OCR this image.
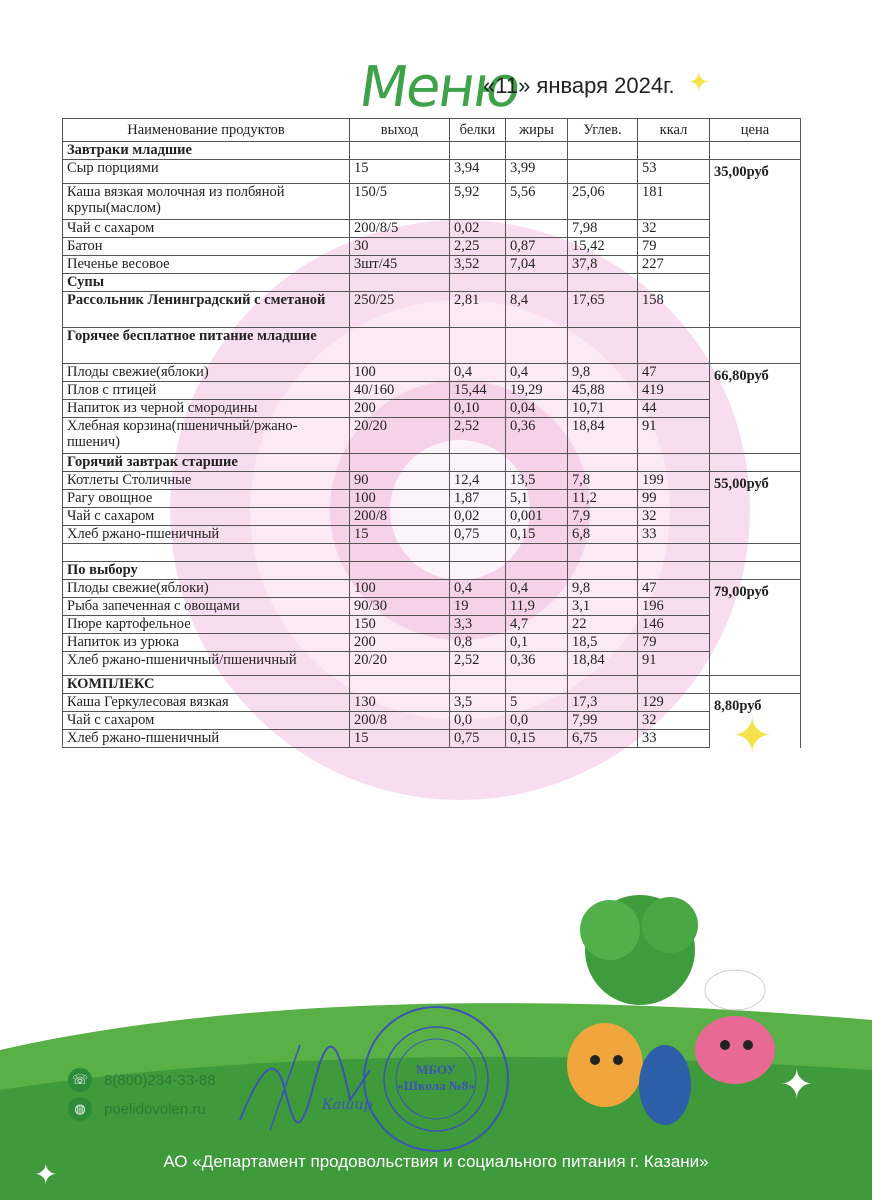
Меню
«11» января 2024г. ✦
Наименование продуктов	выход	белки	жиры	Углев.	ккал	цена	
Завтраки младшие							
Сыр порциями	15	3,94	3,99		53	35,00руб	
Каша вязкая молочная из полбяной крупы(маслом)	150/5	5,92	5,56	25,06	181		
Чай с сахаром	200/8/5	0,02		7,98	32		
Батон	30	2,25	0,87	15,42	79		
Печенье весовое	3шт/45	3,52	7,04	37,8	227		
Супы						
Рассольник Ленинградский с сметаной	250/25	2,81	8,4	17,65	158		
Горячее бесплатное питание младшие							
Плоды свежие(яблоки)	100	0,4	0,4	9,8	47	66,80руб	
Плов с птицей	40/160	15,44	19,29	45,88	419		
Напиток из черной смородины	200	0,10	0,04	10,71	44		
Хлебная корзина(пшеничный/ржано-пшенич)	20/20	2,52	0,36	18,84	91		
Горячий завтрак старшие							
Котлеты Столичные	90	12,4	13,5	7,8	199	55,00руб	
Рагу овощное	100	1,87	5,1	11,2	99		
Чай с сахаром	200/8	0,02	0,001	7,9	32		
Хлеб ржано-пшеничный	15	0,75	0,15	6,8	33		

По выбору							
Плоды свежие(яблоки)	100	0,4	0,4	9,8	47	79,00руб	
Рыба запеченная с овощами	90/30	19	11,9	3,1	196		
Пюре картофельное	150	3,3	4,7	22	146		
Напиток из урюка	200	0,8	0,1	18,5	79		
Хлеб ржано-пшеничный/пшеничный	20/20	2,52	0,36	18,84	91		
КОМПЛЕКС							
Каша Геркулесовая вязкая	130	3,5	5	17,3	129	8,80руб	
Чай с сахаром	200/8	0,0	0,0	7,99	32		
Хлеб ржано-пшеничный	15	0,75	0,15	6,75	33		✦
☏ 8(800)234-33-88
◍	poelidovolen.ru
МБОУ
«Школа №8»
Кашир	✦
✦	АО «Департамент продовольствия и социального питания г. Казани»
